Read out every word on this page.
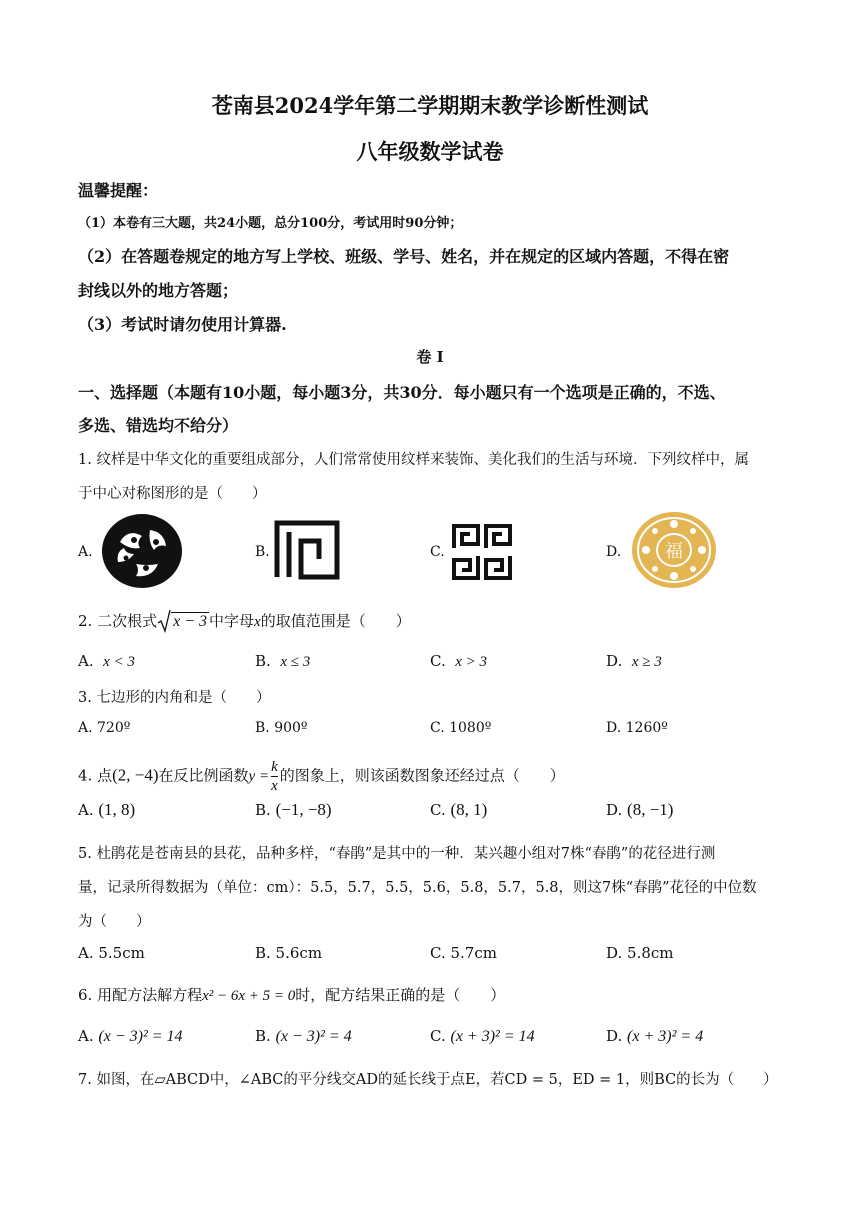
苍南县2024学年第二学期期末教学诊断性测试
八年级数学试卷
温馨提醒：
（1）本卷有三大题，共24小题，总分100分，考试用时90分钟；
（2）在答题卷规定的地方写上学校、班级、学号、姓名，并在规定的区域内答题，不得在密
封线以外的地方答题；
（3）考试时请勿使用计算器.
卷 I
一、选择题（本题有10小题，每小题3分，共30分．每小题只有一个选项是正确的，不选、
多选、错选均不给分）
1. 纹样是中华文化的重要组成部分，人们常常使用纹样来装饰、美化我们的生活与环境．下列纹样中，属
于中心对称图形的是（　　）
A.	B.	C.	D. 福
2. 二次根式 x − 3 中字母x的取值范围是（　　）
A. x < 3	B. x ≤ 3	C. x > 3	D. x ≥ 3
3. 七边形的内角和是（　　）
A. 720º	B. 900º	C. 1080º	D. 1260º
4. 点(2, −4)在反比例函数$y = \frac{k}{x}$ 的图象上，则该函数图象还经过点（　　）
A. (1, 8)	B. (−1, −8)	C. (8, 1)	D. (8, −1)
5. 杜鹃花是苍南县的县花，品种多样，“春鹃”是其中的一种．某兴趣小组对7株“春鹃”的花径进行测
量，记录所得数据为（单位：cm）：5.5，5.7，5.5，5.6，5.8，5.7，5.8，则这7株“春鹃”花径的中位数
为（　　）
A. 5.5cm	B. 5.6cm	C. 5.7cm	D. 5.8cm
6. 用配方法解方程x² − 6x + 5 = 0时，配方结果正确的是（　　）
A. (x − 3)² = 14	B. (x − 3)² = 4	C. (x + 3)² = 14	D. (x + 3)² = 4
7. 如图，在▱ABCD中，∠ABC的平分线交AD的延长线于点E，若CD = 5，ED = 1，则BC的长为（　　）
